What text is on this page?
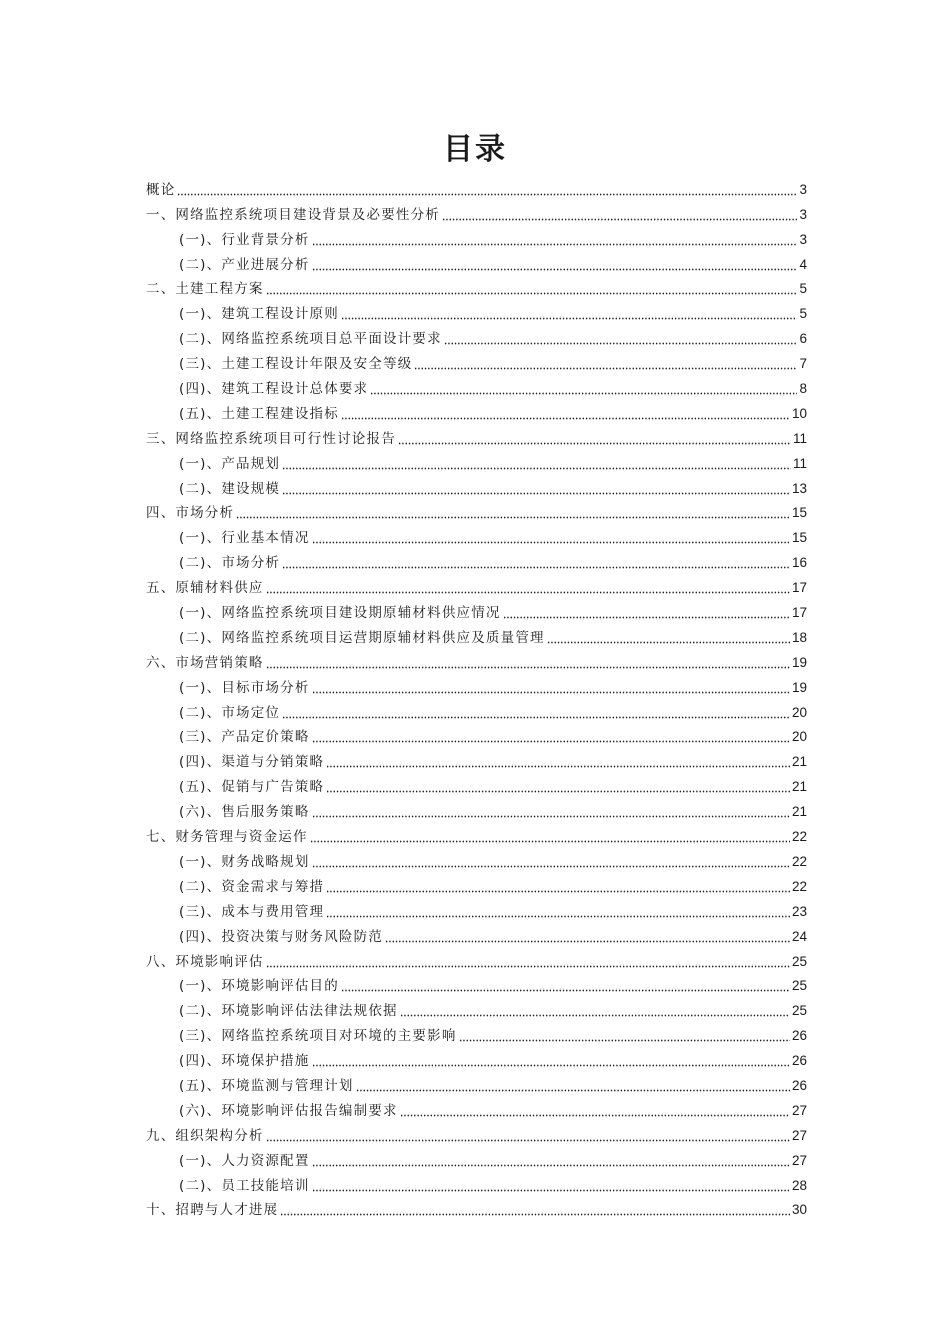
目录
概论	3
一、网络监控系统项目建设背景及必要性分析	3
(一)、行业背景分析	3
(二)、产业进展分析	4
二、土建工程方案	5
(一)、建筑工程设计原则	5
(二)、网络监控系统项目总平面设计要求	6
(三)、土建工程设计年限及安全等级	7
(四)、建筑工程设计总体要求	8
(五)、土建工程建设指标	10
三、网络监控系统项目可行性讨论报告	11
(一)、产品规划	11
(二)、建设规模	13
四、市场分析	15
(一)、行业基本情况	15
(二)、市场分析	16
五、原辅材料供应	17
(一)、网络监控系统项目建设期原辅材料供应情况	17
(二)、网络监控系统项目运营期原辅材料供应及质量管理	18
六、市场营销策略	19
(一)、目标市场分析	19
(二)、市场定位	20
(三)、产品定价策略	20
(四)、渠道与分销策略	21
(五)、促销与广告策略	21
(六)、售后服务策略	21
七、财务管理与资金运作	22
(一)、财务战略规划	22
(二)、资金需求与筹措	22
(三)、成本与费用管理	23
(四)、投资决策与财务风险防范	24
八、环境影响评估	25
(一)、环境影响评估目的	25
(二)、环境影响评估法律法规依据	25
(三)、网络监控系统项目对环境的主要影响	26
(四)、环境保护措施	26
(五)、环境监测与管理计划	26
(六)、环境影响评估报告编制要求	27
九、组织架构分析	27
(一)、人力资源配置	27
(二)、员工技能培训	28
十、招聘与人才进展	30
